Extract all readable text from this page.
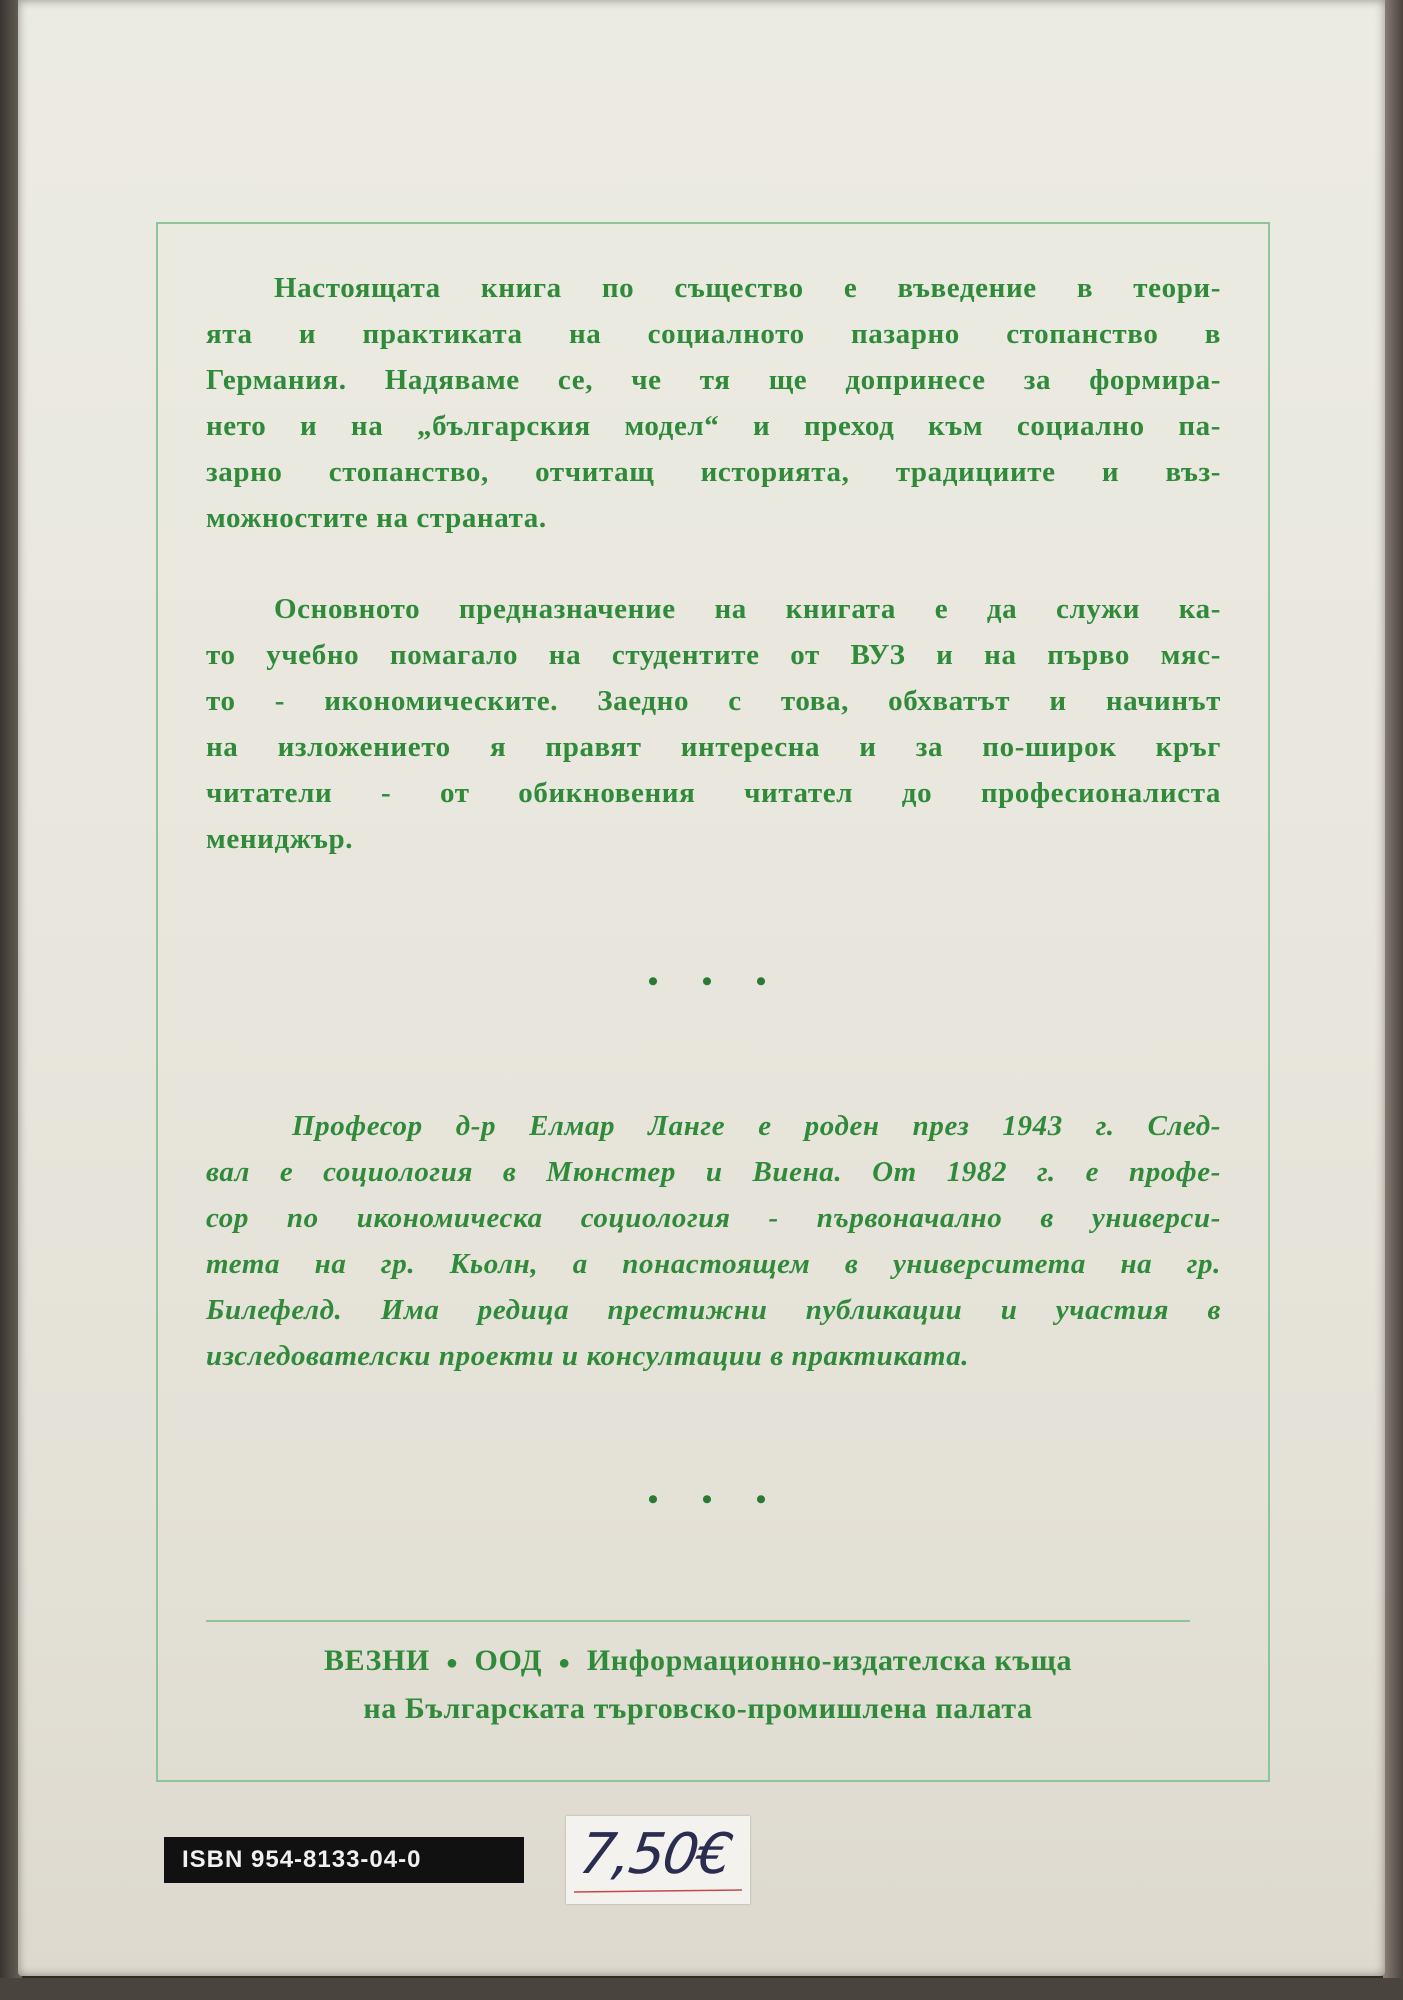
Настоящата книга по същество е въведение в теори-
ята и практиката на социалното пазарно стопанство в
Германия. Надяваме се, че тя ще допринесе за формира-
нето и на „българския модел“ и преход към социално па-
зарно стопанство, отчитащ историята, традициите и въз-
можностите на страната.
Основното предназначение на книгата е да служи ка-
то учебно помагало на студентите от ВУЗ и на първо мяс-
то - икономическите. Заедно с това, обхватът и начинът
на изложението я правят интересна и за по-широк кръг
читатели - от обикновения читател до професионалиста
мениджър.
• • •
Професор д-р Елмар Ланге е роден през 1943 г. След-
вал е социология в Мюнстер и Виена. От 1982 г. е профе-
сор по икономическа социология - първоначално в универси-
тета на гр. Кьолн, а понастоящем в университета на гр.
Билефелд. Има редица престижни публикации и участия в
изследователски проекти и консултации в практиката.
• • •
ВЕЗНИ ● ООД ● Информационно-издателска къща
на Българската търговско-промишлена палата
ISBN 954-8133-04-0	7,50€
